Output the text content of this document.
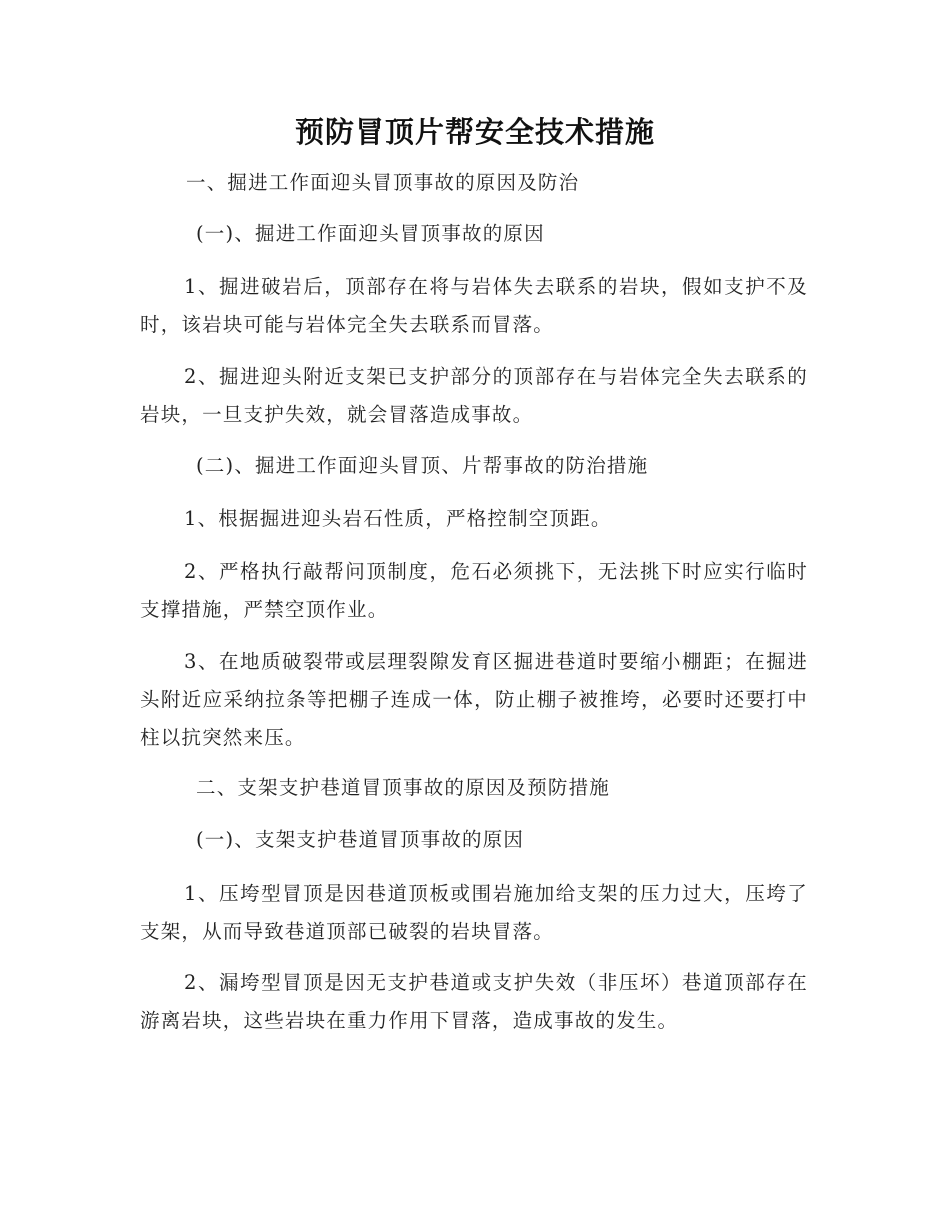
预防冒顶片帮安全技术措施
一、掘进工作面迎头冒顶事故的原因及防治
(一)、掘进工作面迎头冒顶事故的原因
1、掘进破岩后，顶部存在将与岩体失去联系的岩块，假如支护不及时，该岩块可能与岩体完全失去联系而冒落。
2、掘进迎头附近支架已支护部分的顶部存在与岩体完全失去联系的岩块，一旦支护失效，就会冒落造成事故。
(二)、掘进工作面迎头冒顶、片帮事故的防治措施
1、根据掘进迎头岩石性质，严格控制空顶距。
2、严格执行敲帮问顶制度，危石必须挑下，无法挑下时应实行临时支撑措施，严禁空顶作业。
3、在地质破裂带或层理裂隙发育区掘进巷道时要缩小棚距；在掘进头附近应采纳拉条等把棚子连成一体，防止棚子被推垮，必要时还要打中柱以抗突然来压。
二、支架支护巷道冒顶事故的原因及预防措施
(一)、支架支护巷道冒顶事故的原因
1、压垮型冒顶是因巷道顶板或围岩施加给支架的压力过大，压垮了支架，从而导致巷道顶部已破裂的岩块冒落。
2、漏垮型冒顶是因无支护巷道或支护失效（非压坏）巷道顶部存在游离岩块，这些岩块在重力作用下冒落，造成事故的发生。
